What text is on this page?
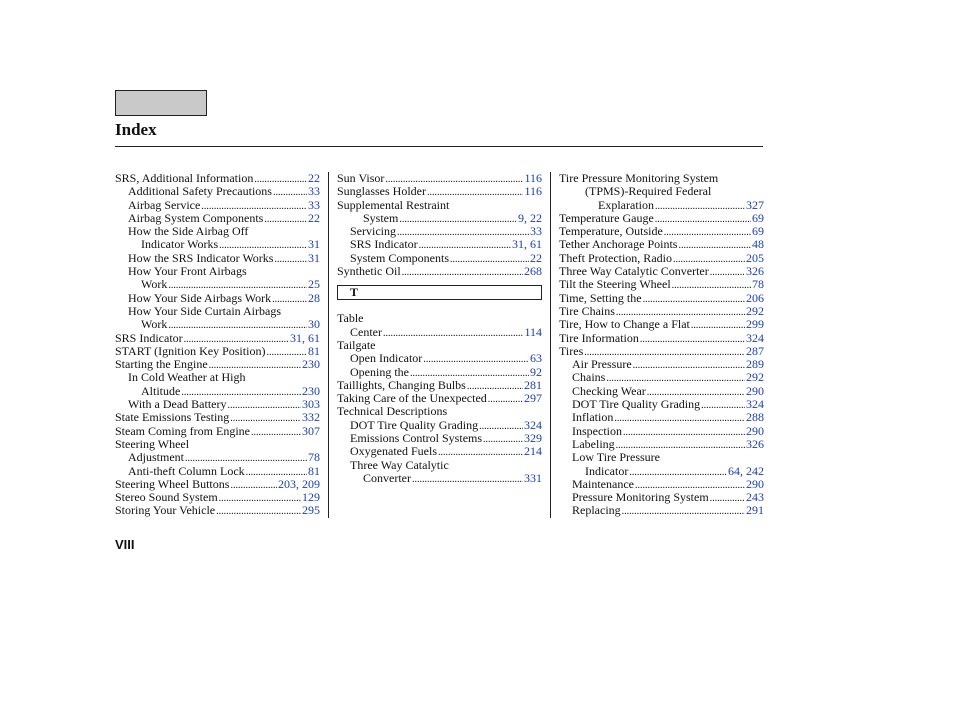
Index
SRS, Additional Information .....	22
Additional Safety Precautions .....	33
Airbag Service .....	33
Airbag System Components .....	22
How the Side Airbag Off
Indicator Works .....	31
How the SRS Indicator Works .....	31
How Your Front Airbags
Work .....	25
How Your Side Airbags Work .....	28
How Your Side Curtain Airbags
Work .....	30
SRS Indicator .....	31, 61
START (Ignition Key Position) .....	81
Starting the Engine .....	230
In Cold Weather at High
Altitude .....	230
With a Dead Battery .....	303
State Emissions Testing .....	332
Steam Coming from Engine .....	307
Steering Wheel
Adjustment .....	78
Anti-theft Column Lock .....	81
Steering Wheel Buttons .....	203, 209
Stereo Sound System .....	129
Storing Your Vehicle .....	295
Sun Visor .....	116
Sunglasses Holder .....	116
Supplemental Restraint
System .....	9, 22
Servicing .....	33
SRS Indicator .....	31, 61
System Components .....	22
Synthetic Oil .....	268
T
Table
Center .....	114
Tailgate
Open Indicator .....	63
Opening the .....	92
Taillights, Changing Bulbs .....	281
Taking Care of the Unexpected .....	297
Technical Descriptions
DOT Tire Quality Grading .....	324
Emissions Control Systems .....	329
Oxygenated Fuels .....	214
Three Way Catalytic
Converter .....	331
Tire Pressure Monitoring System
(TPMS)-Required Federal
Explaration .....	327
Temperature Gauge .....	69
Temperature, Outside .....	69
Tether Anchorage Points .....	48
Theft Protection, Radio .....	205
Three Way Catalytic Converter .....	326
Tilt the Steering Wheel .....	78
Time, Setting the .....	206
Tire Chains .....	292
Tire, How to Change a Flat .....	299
Tire Information .....	324
Tires .....	287
Air Pressure .....	289
Chains .....	292
Checking Wear .....	290
DOT Tire Quality Grading .....	324
Inflation .....	288
Inspection .....	290
Labeling .....	326
Low Tire Pressure
Indicator .....	64, 242
Maintenance .....	290
Pressure Monitoring System .....	243
Replacing .....	291
VIII
